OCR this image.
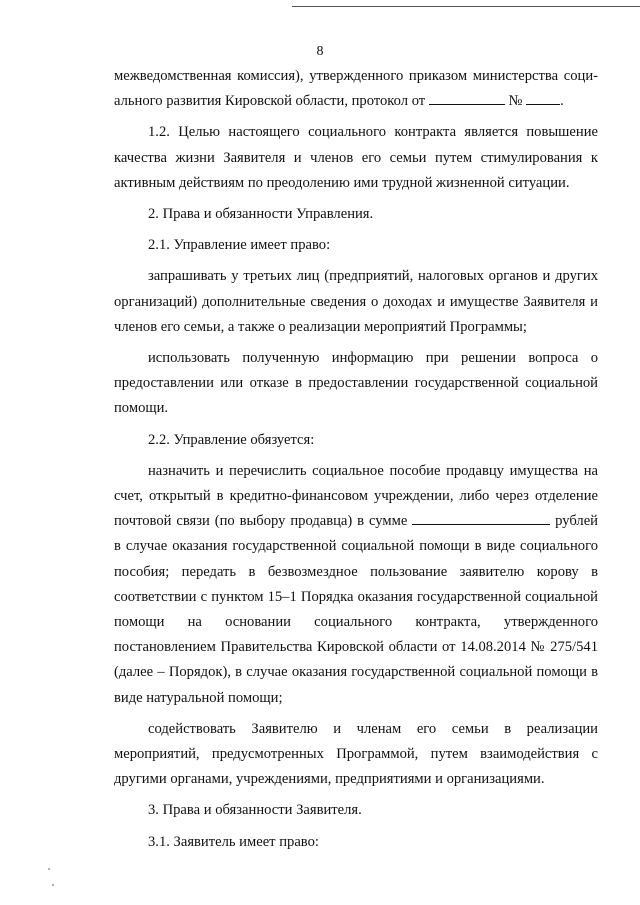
8

межведомственная комиссия), утвержденного приказом министерства соци- ального развития Кировской области, протокол от	№	.

1.2. Целью настоящего социального контракта является повышение качества жизни Заявителя и членов его семьи путем стимулирования к активным действиям по преодолению ими трудной жизненной ситуации.

2. Права и обязанности Управления.

2.1. Управление имеет право:

запрашивать у третьих лиц (предприятий, налоговых органов и других организаций) дополнительные сведения о доходах и имуществе Заявителя и членов его семьи, а также о реализации мероприятий Программы;

использовать полученную информацию при решении вопроса о предоставлении или отказе в предоставлении государственной социальной помощи.

2.2. Управление обязуется:

назначить и перечислить социальное пособие продавцу имущества на счет, открытый в кредитно-финансовом учреждении, либо через отделение почтовой связи (по выбору продавца) в сумме	рублей в случае оказания государственной социальной помощи в виде социального пособия; передать в безвозмездное пользование заявителю корову в соответствии с пунктом 15–1 Порядка оказания государственной социальной помощи на основании социального контракта, утвержденного постановлением Правительства Кировской области от 14.08.2014 № 275/541 (далее – Порядок), в случае оказания государственной социальной помощи в виде натуральной помощи;

содействовать Заявителю и членам его семьи в реализации мероприятий, предусмотренных Программой, путем взаимодействия с другими органами, учреждениями, предприятиями и организациями.

3. Права и обязанности Заявителя.

3.1. Заявитель имеет право:
